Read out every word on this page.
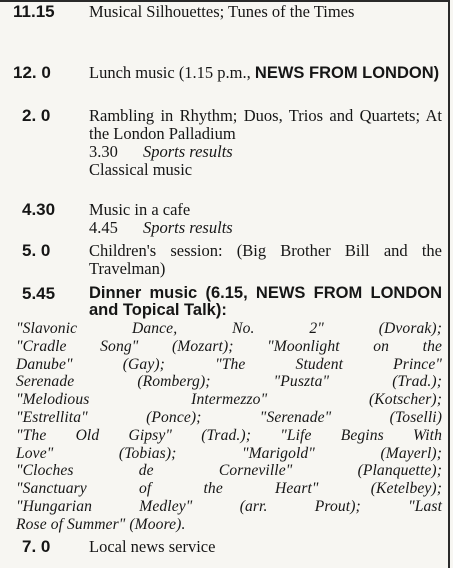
11.15 Musical Silhouettes; Tunes of the Times

12. 0 Lunch music (1.15 p.m., NEWS FROM LONDON)

2. 0 Rambling in Rhythm; Duos, Trios and Quartets; At the London Palladium
3.30 Sports results
Classical music

4.30 Music in a cafe
4.45 Sports results

5. 0 Children's session: (Big Brother Bill and the Travelman)

5.45 Dinner music (6.15, NEWS FROM LONDON and Topical Talk):

"Slavonic Dance, No. 2" (Dvorak);
"Cradle Song" (Mozart); "Moonlight on the
Danube" (Gay); "The Student Prince"
Serenade (Romberg); "Puszta" (Trad.);
"Melodious Intermezzo" (Kotscher);
"Estrellita" (Ponce); "Serenade" (Toselli)
"The Old Gipsy" (Trad.); "Life Begins With
Love" (Tobias); "Marigold" (Mayerl);
"Cloches de Corneville" (Planquette);
"Sanctuary of the Heart" (Ketelbey);
"Hungarian Medley" (arr. Prout); "Last
Rose of Summer" (Moore).
7. 0 Local news service
